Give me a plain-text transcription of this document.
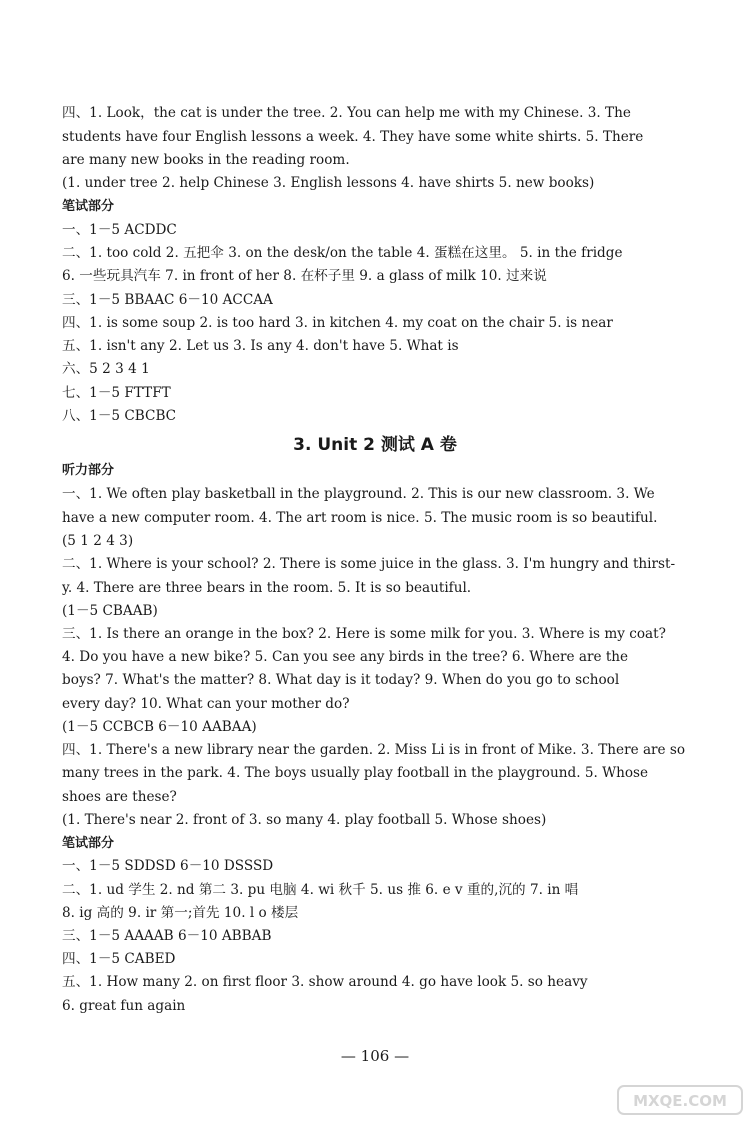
四、1. Look，the cat is under the tree. 2. You can help me with my Chinese. 3. The
students have four English lessons a week. 4. They have some white shirts. 5. There
are many new books in the reading room.
(1. under tree 2. help Chinese 3. English lessons 4. have shirts 5. new books)
笔试部分
一、1－5 ACDDC
二、1. too cold 2. 五把伞 3. on the desk/on the table 4. 蛋糕在这里。 5. in the fridge
6. 一些玩具汽车 7. in front of her 8. 在杯子里 9. a glass of milk 10. 过来说
三、1－5 BBAAC 6－10 ACCAA
四、1. is some soup 2. is too hard 3. in kitchen 4. my coat on the chair 5. is near
五、1. isn't any 2. Let us 3. Is any 4. don't have 5. What is
六、5 2 3 4 1
七、1－5 FTTFT
八、1－5 CBCBC
3. Unit 2 测试 A 卷
听力部分
一、1. We often play basketball in the playground. 2. This is our new classroom. 3. We
have a new computer room. 4. The art room is nice. 5. The music room is so beautiful.
(5 1 2 4 3)
二、1. Where is your school? 2. There is some juice in the glass. 3. I'm hungry and thirst-
y. 4. There are three bears in the room. 5. It is so beautiful.
(1－5 CBAAB)
三、1. Is there an orange in the box? 2. Here is some milk for you. 3. Where is my coat?
4. Do you have a new bike? 5. Can you see any birds in the tree? 6. Where are the
boys? 7. What's the matter? 8. What day is it today? 9. When do you go to school
every day? 10. What can your mother do?
(1－5 CCBCB 6－10 AABAA)
四、1. There's a new library near the garden. 2. Miss Li is in front of Mike. 3. There are so
many trees in the park. 4. The boys usually play football in the playground. 5. Whose
shoes are these?
(1. There's near 2. front of 3. so many 4. play football 5. Whose shoes)
笔试部分
一、1－5 SDDSD 6－10 DSSSD
二、1. ud 学生 2. nd 第二 3. pu 电脑 4. wi 秋千 5. us 推 6. e v 重的,沉的 7. in 唱
8. ig 高的 9. ir 第一;首先 10. l o 楼层
三、1－5 AAAAB 6－10 ABBAB
四、1－5 CABED
五、1. How many 2. on first floor 3. show around 4. go have look 5. so heavy
6. great fun again
— 106 —
MXQE.COM
